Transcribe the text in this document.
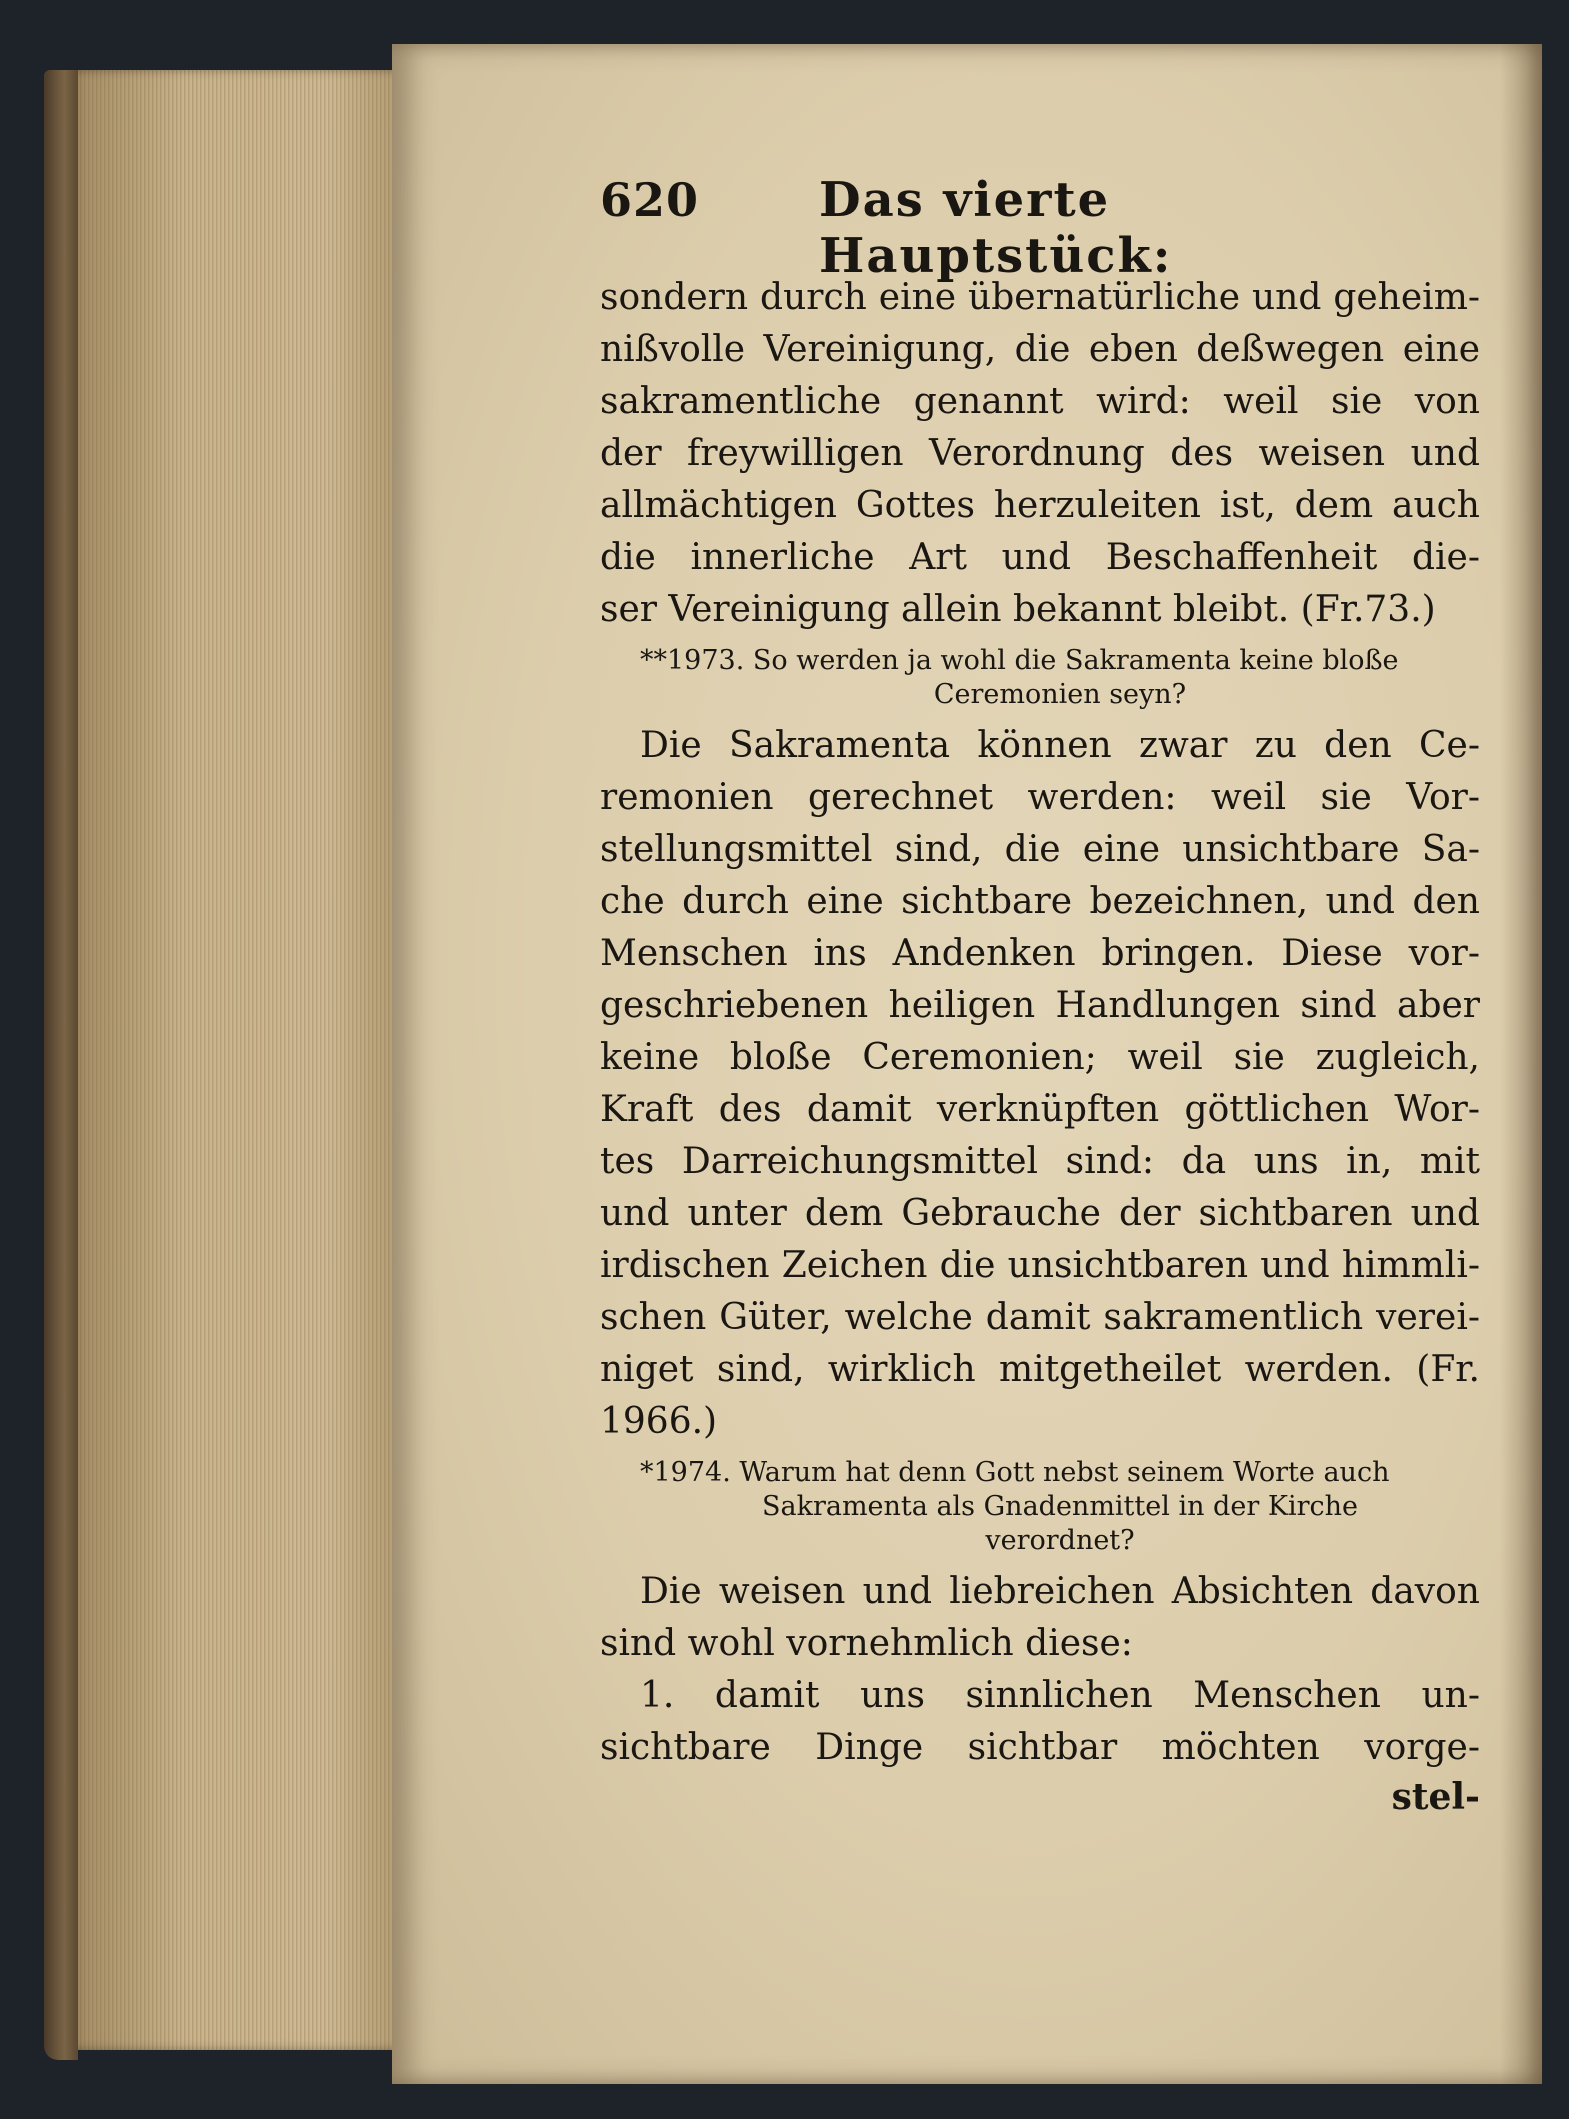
620	Das vierte Hauptstück:

sondern durch eine übernatürliche und geheim-
nißvolle Vereinigung, die eben deßwegen eine
sakramentliche genannt wird: weil sie von
der freywilligen Verordnung des weisen und
allmächtigen Gottes herzuleiten ist, dem auch
die innerliche Art und Beschaffenheit die-
ser Vereinigung allein bekannt bleibt. (Fr.73.)

**1973. So werden ja wohl die Sakramenta keine bloße
Ceremonien seyn?

Die Sakramenta können zwar zu den Ce-
remonien gerechnet werden: weil sie Vor-
stellungsmittel sind, die eine unsichtbare Sa-
che durch eine sichtbare bezeichnen, und den
Menschen ins Andenken bringen. Diese vor-
geschriebenen heiligen Handlungen sind aber
keine bloße Ceremonien; weil sie zugleich,
Kraft des damit verknüpften göttlichen Wor-
tes Darreichungsmittel sind: da uns in, mit
und unter dem Gebrauche der sichtbaren und
irdischen Zeichen die unsichtbaren und himmli-
schen Güter, welche damit sakramentlich verei-
niget sind, wirklich mitgetheilet werden. (Fr.
1966.)

*1974. Warum hat denn Gott nebst seinem Worte auch
Sakramenta als Gnadenmittel in der Kirche
verordnet?

Die weisen und liebreichen Absichten davon
sind wohl vornehmlich diese:
1. damit uns sinnlichen Menschen un-
sichtbare Dinge sichtbar möchten vorge-

stel-
